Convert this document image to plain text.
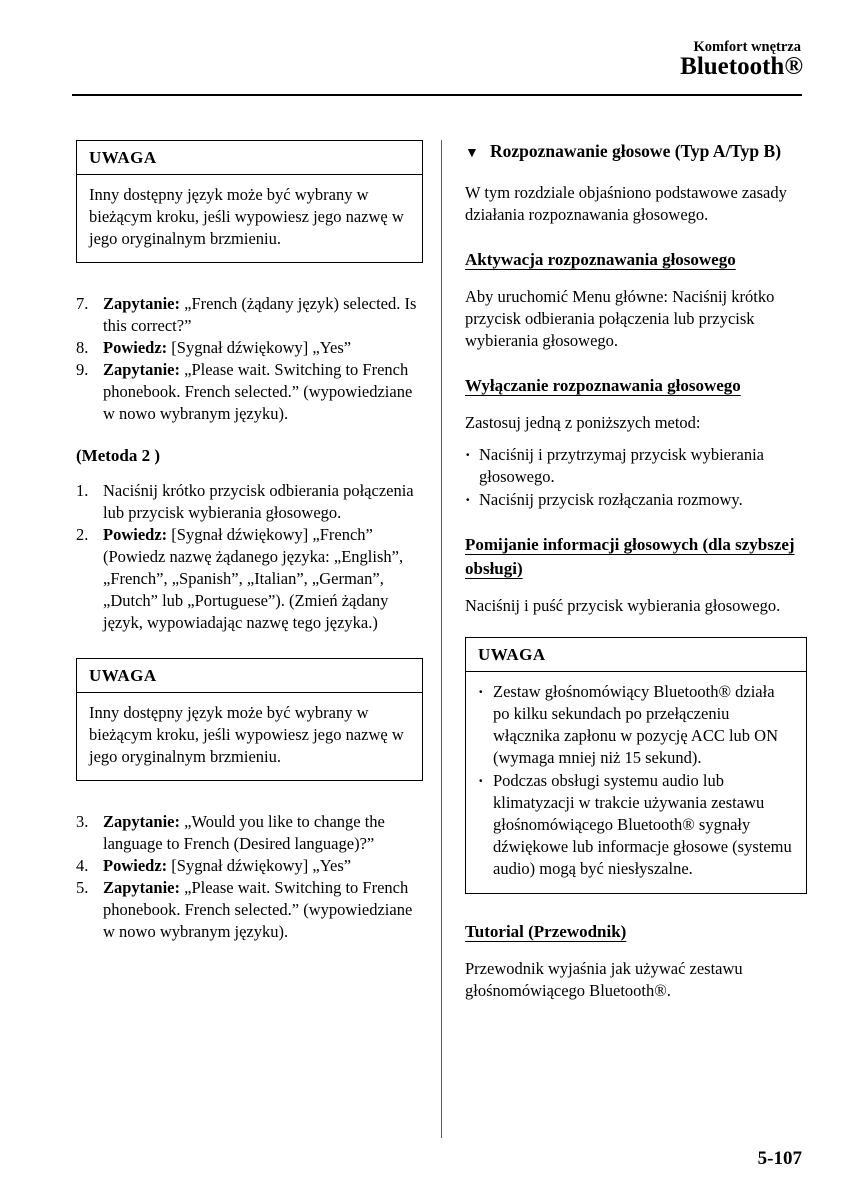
Komfort wnętrza
Bluetooth®
UWAGA
Inny dostępny język może być wybrany w bieżącym kroku, jeśli wypowiesz jego nazwę w jego oryginalnym brzmieniu.
7. Zapytanie: „French (żądany język) selected. Is this correct?”
8. Powiedz: [Sygnał dźwiękowy] „Yes”
9. Zapytanie: „Please wait. Switching to French phonebook. French selected.” (wypowiedziane w nowo wybranym języku).
(Metoda 2 )
1. Naciśnij krótko przycisk odbierania połączenia lub przycisk wybierania głosowego.
2. Powiedz: [Sygnał dźwiękowy] „French” (Powiedz nazwę żądanego języka: „English”, „French”, „Spanish”, „Italian”, „German”, „Dutch” lub „Portuguese”). (Zmień żądany język, wypowiadając nazwę tego języka.)
UWAGA
Inny dostępny język może być wybrany w bieżącym kroku, jeśli wypowiesz jego nazwę w jego oryginalnym brzmieniu.
3. Zapytanie: „Would you like to change the language to French (Desired language)?”
4. Powiedz: [Sygnał dźwiękowy] „Yes”
5. Zapytanie: „Please wait. Switching to French phonebook. French selected.” (wypowiedziane w nowo wybranym języku).
▼ Rozpoznawanie głosowe (Typ A/Typ B)

W tym rozdziale objaśniono podstawowe zasady działania rozpoznawania głosowego.

Aktywacja rozpoznawania głosowego

Aby uruchomić Menu główne: Naciśnij krótko przycisk odbierania połączenia lub przycisk wybierania głosowego.

Wyłączanie rozpoznawania głosowego

Zastosuj jedną z poniższych metod:

· Naciśnij i przytrzymaj przycisk wybierania głosowego.
· Naciśnij przycisk rozłączania rozmowy.
Pomijanie informacji głosowych (dla szybszej obsługi)

Naciśnij i puść przycisk wybierania głosowego.

UWAGA
· Zestaw głośnomówiący Bluetooth® działa po kilku sekundach po przełączeniu włącznika zapłonu w pozycję ACC lub ON (wymaga mniej niż 15 sekund).
· Podczas obsługi systemu audio lub klimatyzacji w trakcie używania zestawu głośnomówiącego Bluetooth® sygnały dźwiękowe lub informacje głosowe (systemu audio) mogą być niesłyszalne.
Tutorial (Przewodnik)

Przewodnik wyjaśnia jak używać zestawu głośnomówiącego Bluetooth®.

5-107
